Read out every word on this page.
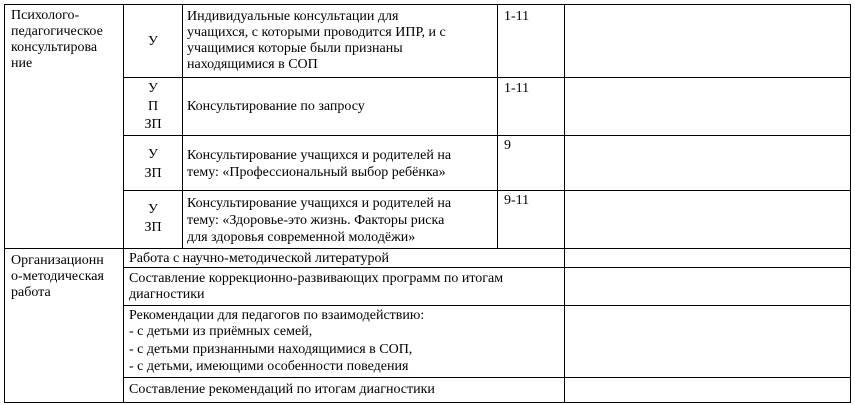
Психолого-
педагогическое
консультирова
ние
У
Индивидуальные консультации для
учащихся, с которыми проводится ИПР, и с
учащимися которые были признаны
находящимися в СОП
1-11
У
П
ЗП
Консультирование по запросу
1-11
У
ЗП
Консультирование учащихся и родителей на
тему: «Профессиональный выбор ребёнка»
9
У
ЗП
Консультирование учащихся и родителей на
тему: «Здоровье-это жизнь. Факторы риска
для здоровья современной молодёжи»
9-11
Организационн
о-методическая
работа
Работа с научно-методической литературой
Составление коррекционно-развивающих программ по итогам
диагностики
Рекомендации для педагогов по взаимодействию:
- с детьми из приёмных семей,
- с детьми признанными находящимися в СОП,
- с детьми, имеющими особенности поведения
Составление рекомендаций по итогам диагностики
